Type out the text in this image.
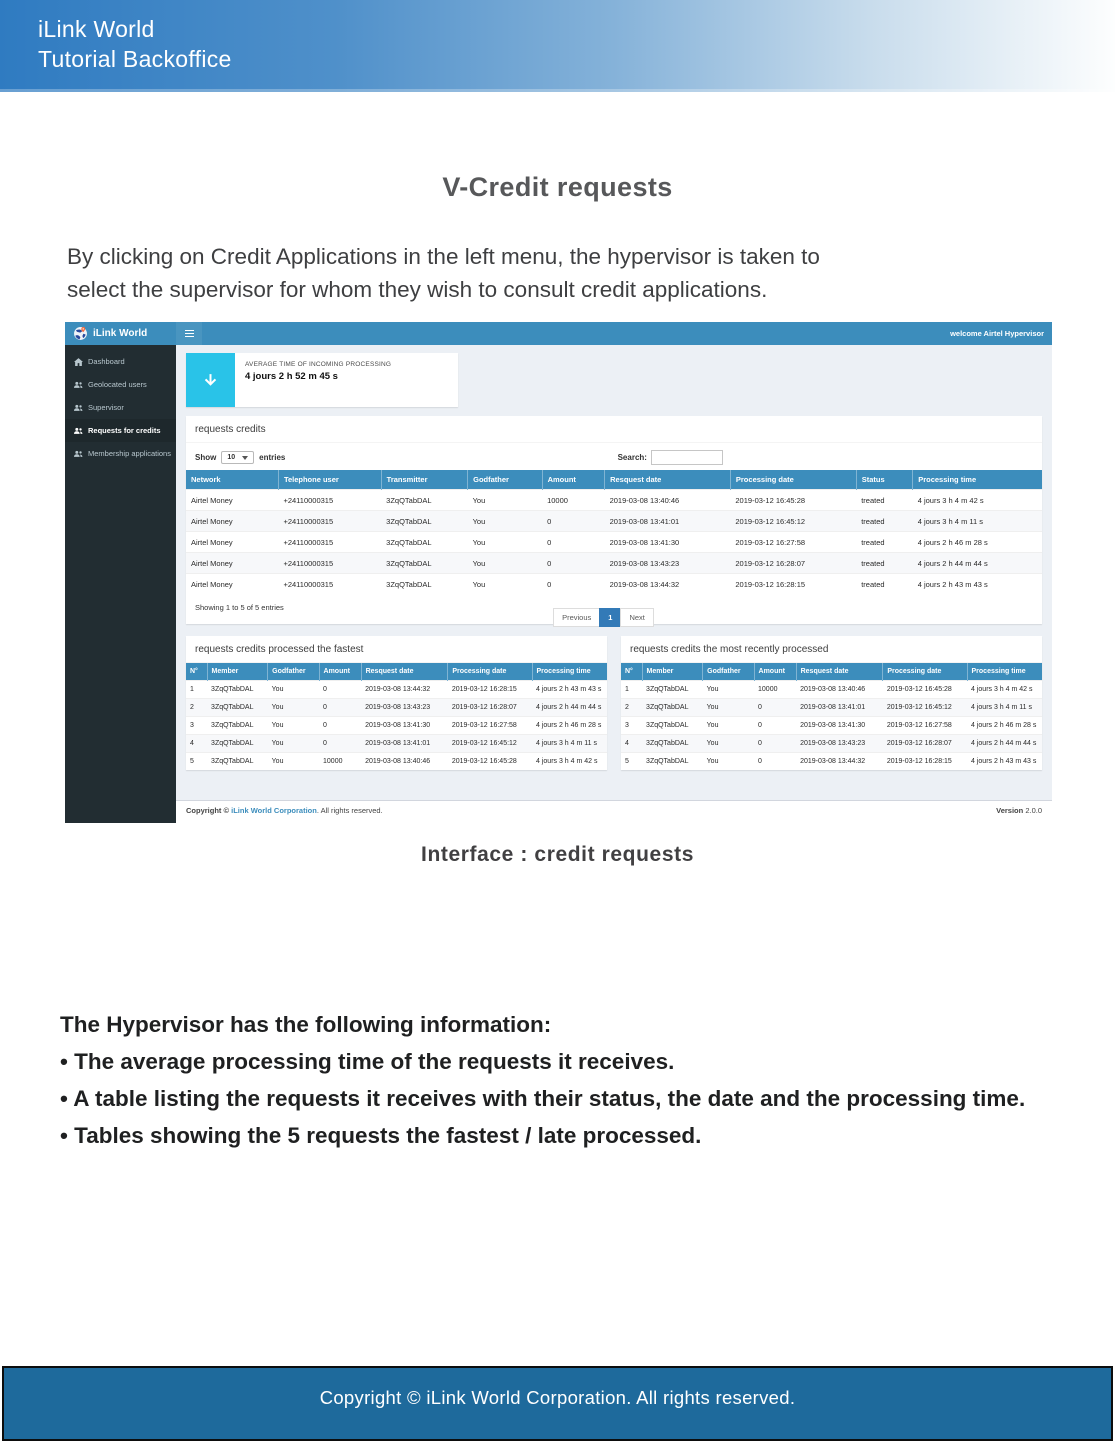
iLink World
Tutorial Backoffice
V-Credit requests
By clicking on Credit Applications in the left menu, the hypervisor is taken to
select the supervisor for whom they wish to consult credit applications.
iLink World	welcome Airtel Hypervisor
Dashboard
Geolocated users
Supervisor
Requests for credits
Membership applications
AVERAGE TIME OF INCOMING PROCESSING
4 jours 2 h 52 m 45 s
requests credits
Show 10	entries	Search:
Network	Telephone user	Transmitter	Godfather	Amount	Resquest date	Processing date	Status	Processing time
Airtel Money	+24110000315	3ZqQTabDAL	You	10000	2019-03-08 13:40:46	2019-03-12 16:45:28	treated	4 jours 3 h 4 m 42 s
Airtel Money	+24110000315	3ZqQTabDAL	You	0	2019-03-08 13:41:01	2019-03-12 16:45:12	treated	4 jours 3 h 4 m 11 s
Airtel Money	+24110000315	3ZqQTabDAL	You	0	2019-03-08 13:41:30	2019-03-12 16:27:58	treated	4 jours 2 h 46 m 28 s
Airtel Money	+24110000315	3ZqQTabDAL	You	0	2019-03-08 13:43:23	2019-03-12 16:28:07	treated	4 jours 2 h 44 m 44 s
Airtel Money	+24110000315	3ZqQTabDAL	You	0	2019-03-08 13:44:32	2019-03-12 16:28:15	treated	4 jours 2 h 43 m 43 s
Showing 1 to 5 of 5 entries
Previous	1	Next
requests credits processed the fastest
N°	Member	Godfather	Amount	Resquest date	Processing date	Processing time
1	3ZqQTabDAL	You	0	2019-03-08 13:44:32	2019-03-12 16:28:15	4 jours 2 h 43 m 43 s
2	3ZqQTabDAL	You	0	2019-03-08 13:43:23	2019-03-12 16:28:07	4 jours 2 h 44 m 44 s
3	3ZqQTabDAL	You	0	2019-03-08 13:41:30	2019-03-12 16:27:58	4 jours 2 h 46 m 28 s
4	3ZqQTabDAL	You	0	2019-03-08 13:41:01	2019-03-12 16:45:12	4 jours 3 h 4 m 11 s
5	3ZqQTabDAL	You	10000	2019-03-08 13:40:46	2019-03-12 16:45:28	4 jours 3 h 4 m 42 s
requests credits the most recently processed
N°	Member	Godfather	Amount	Resquest date	Processing date	Processing time
1	3ZqQTabDAL	You	10000	2019-03-08 13:40:46	2019-03-12 16:45:28	4 jours 3 h 4 m 42 s
2	3ZqQTabDAL	You	0	2019-03-08 13:41:01	2019-03-12 16:45:12	4 jours 3 h 4 m 11 s
3	3ZqQTabDAL	You	0	2019-03-08 13:41:30	2019-03-12 16:27:58	4 jours 2 h 46 m 28 s
4	3ZqQTabDAL	You	0	2019-03-08 13:43:23	2019-03-12 16:28:07	4 jours 2 h 44 m 44 s
5	3ZqQTabDAL	You	0	2019-03-08 13:44:32	2019-03-12 16:28:15	4 jours 2 h 43 m 43 s
Copyright © iLink World Corporation. All rights reserved.	Version 2.0.0
Interface : credit requests
The Hypervisor has the following information:
• The average processing time of the requests it receives.
• A table listing the requests it receives with their status, the date and the processing time.
• Tables showing the 5 requests the fastest / late processed.
Copyright © iLink World Corporation. All rights reserved.
